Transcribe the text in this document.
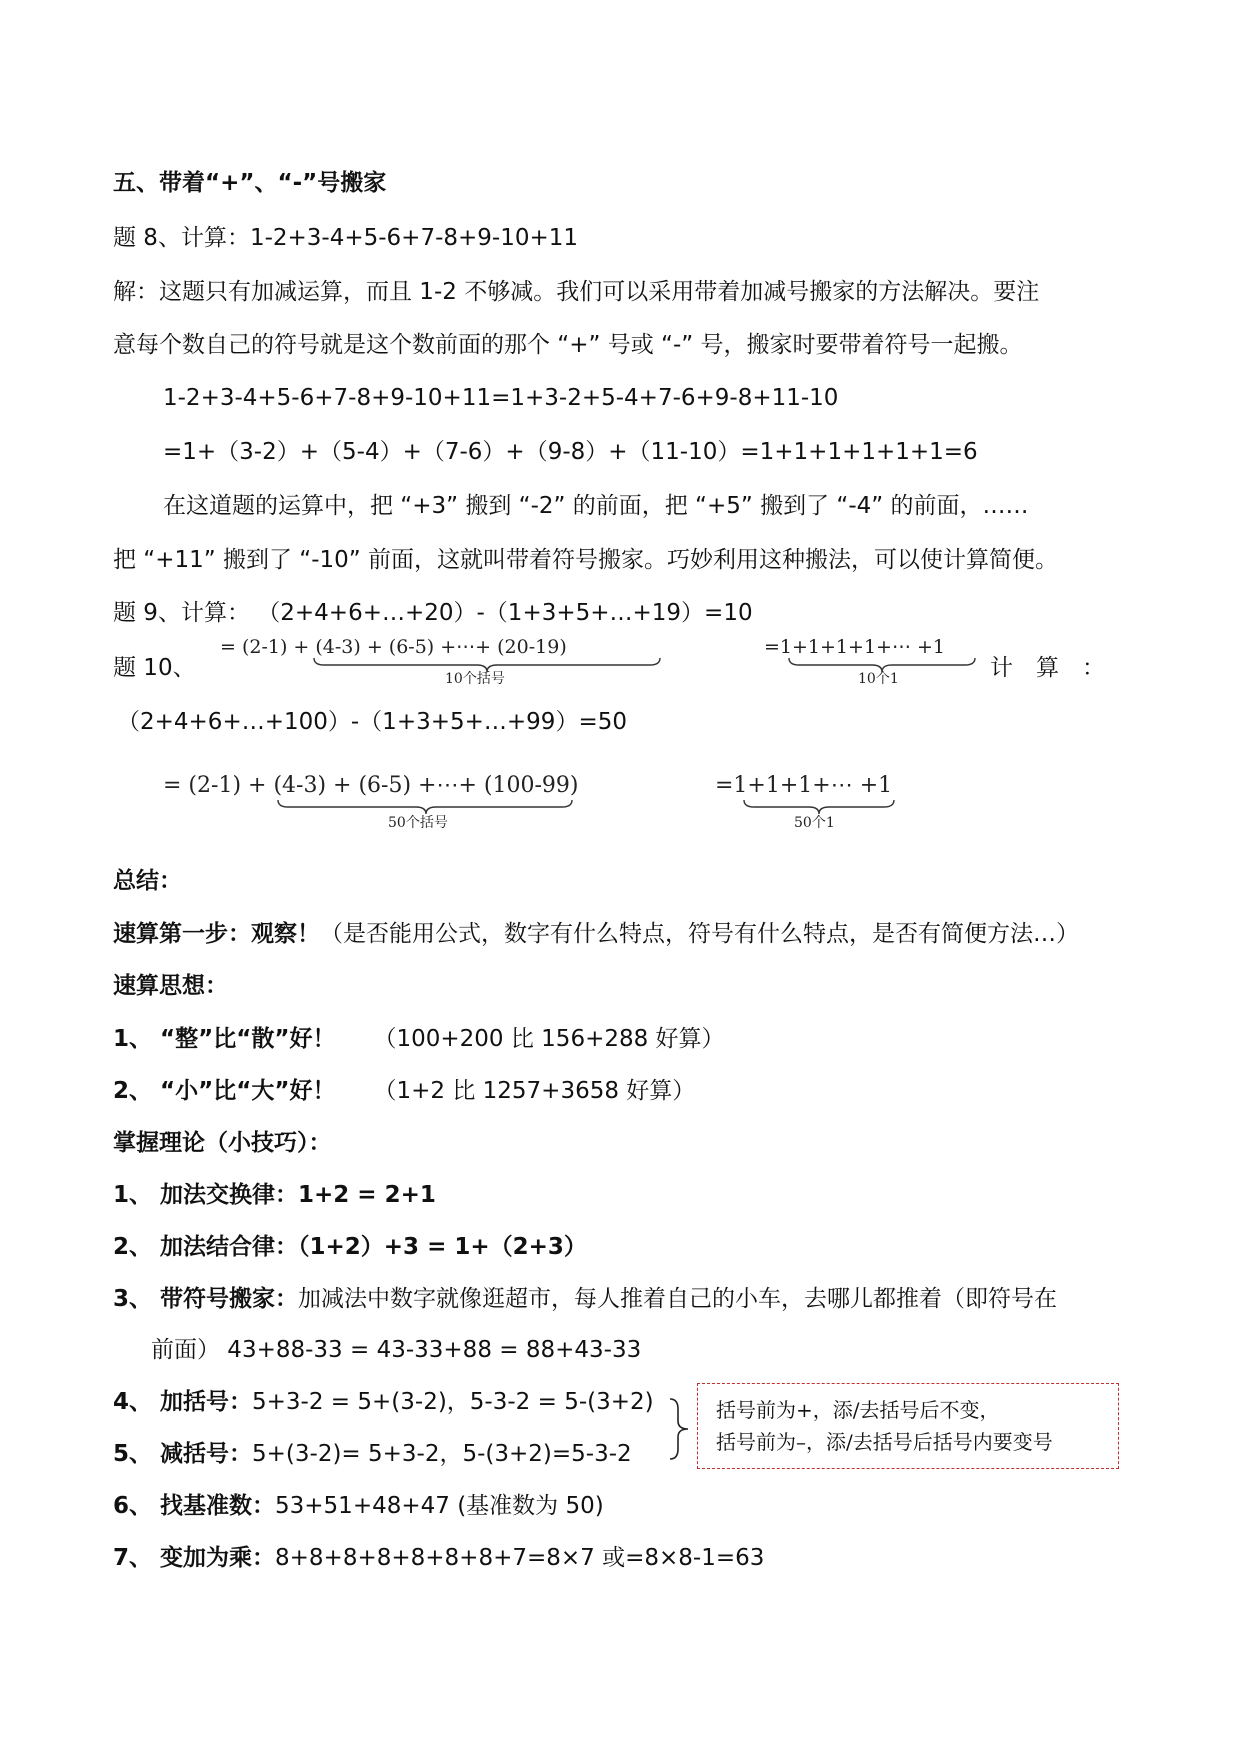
五、带着“+”、“-”号搬家
题 8、计算：1-2+3-4+5-6+7-8+9-10+11
解：这题只有加减运算，而且 1-2 不够减。我们可以采用带着加减号搬家的方法解决。要注
意每个数自己的符号就是这个数前面的那个 “+” 号或 “-” 号，搬家时要带着符号一起搬。
1-2+3-4+5-6+7-8+9-10+11=1+3-2+5-4+7-6+9-8+11-10
=1+（3-2）+（5-4）+（7-6）+（9-8）+（11-10）=1+1+1+1+1+1=6
在这道题的运算中，把 “+3” 搬到 “-2” 的前面，把 “+5” 搬到了 “-4” 的前面，……
把 “+11” 搬到了 “-10” 前面，这就叫带着符号搬家。巧妙利用这种搬法，可以使计算简便。
题 9、计算： （2+4+6+…+20）-（1+3+5+…+19）=10
= (2-1) + (4-3) + (6-5) +⋯+ (20-19)	=1+1+1+1+⋯ +1
10个括号	10个1
题 10、	计　算　：
（2+4+6+…+100）-（1+3+5+…+99）=50
= (2-1) + (4-3) + (6-5) +⋯+ (100-99)	=1+1+1+⋯ +1
50个括号	50个1
总结：
速算第一步：观察！（是否能用公式，数字有什么特点，符号有什么特点，是否有简便方法…）
速算思想：
1、 “整”比“散”好！ （100+200 比 156+288 好算）
2、 “小”比“大”好！ （1+2 比 1257+3658 好算）
掌握理论（小技巧）：
1、 加法交换律：1+2 = 2+1
2、 加法结合律：（1+2）+3 = 1+（2+3）
3、 带符号搬家：加减法中数字就像逛超市，每人推着自己的小车，去哪儿都推着（即符号在
前面） 43+88-33 = 43-33+88 = 88+43-33
4、 加括号：5+3-2 = 5+(3-2)，5-3-2 = 5-(3+2)
5、 减括号：5+(3-2)= 5+3-2，5-(3+2)=5-3-2
括号前为+，添/去括号后不变，
括号前为–，添/去括号后括号内要变号
6、 找基准数：53+51+48+47 (基准数为 50)
7、 变加为乘：8+8+8+8+8+8+8+7=8×7 或=8×8-1=63
